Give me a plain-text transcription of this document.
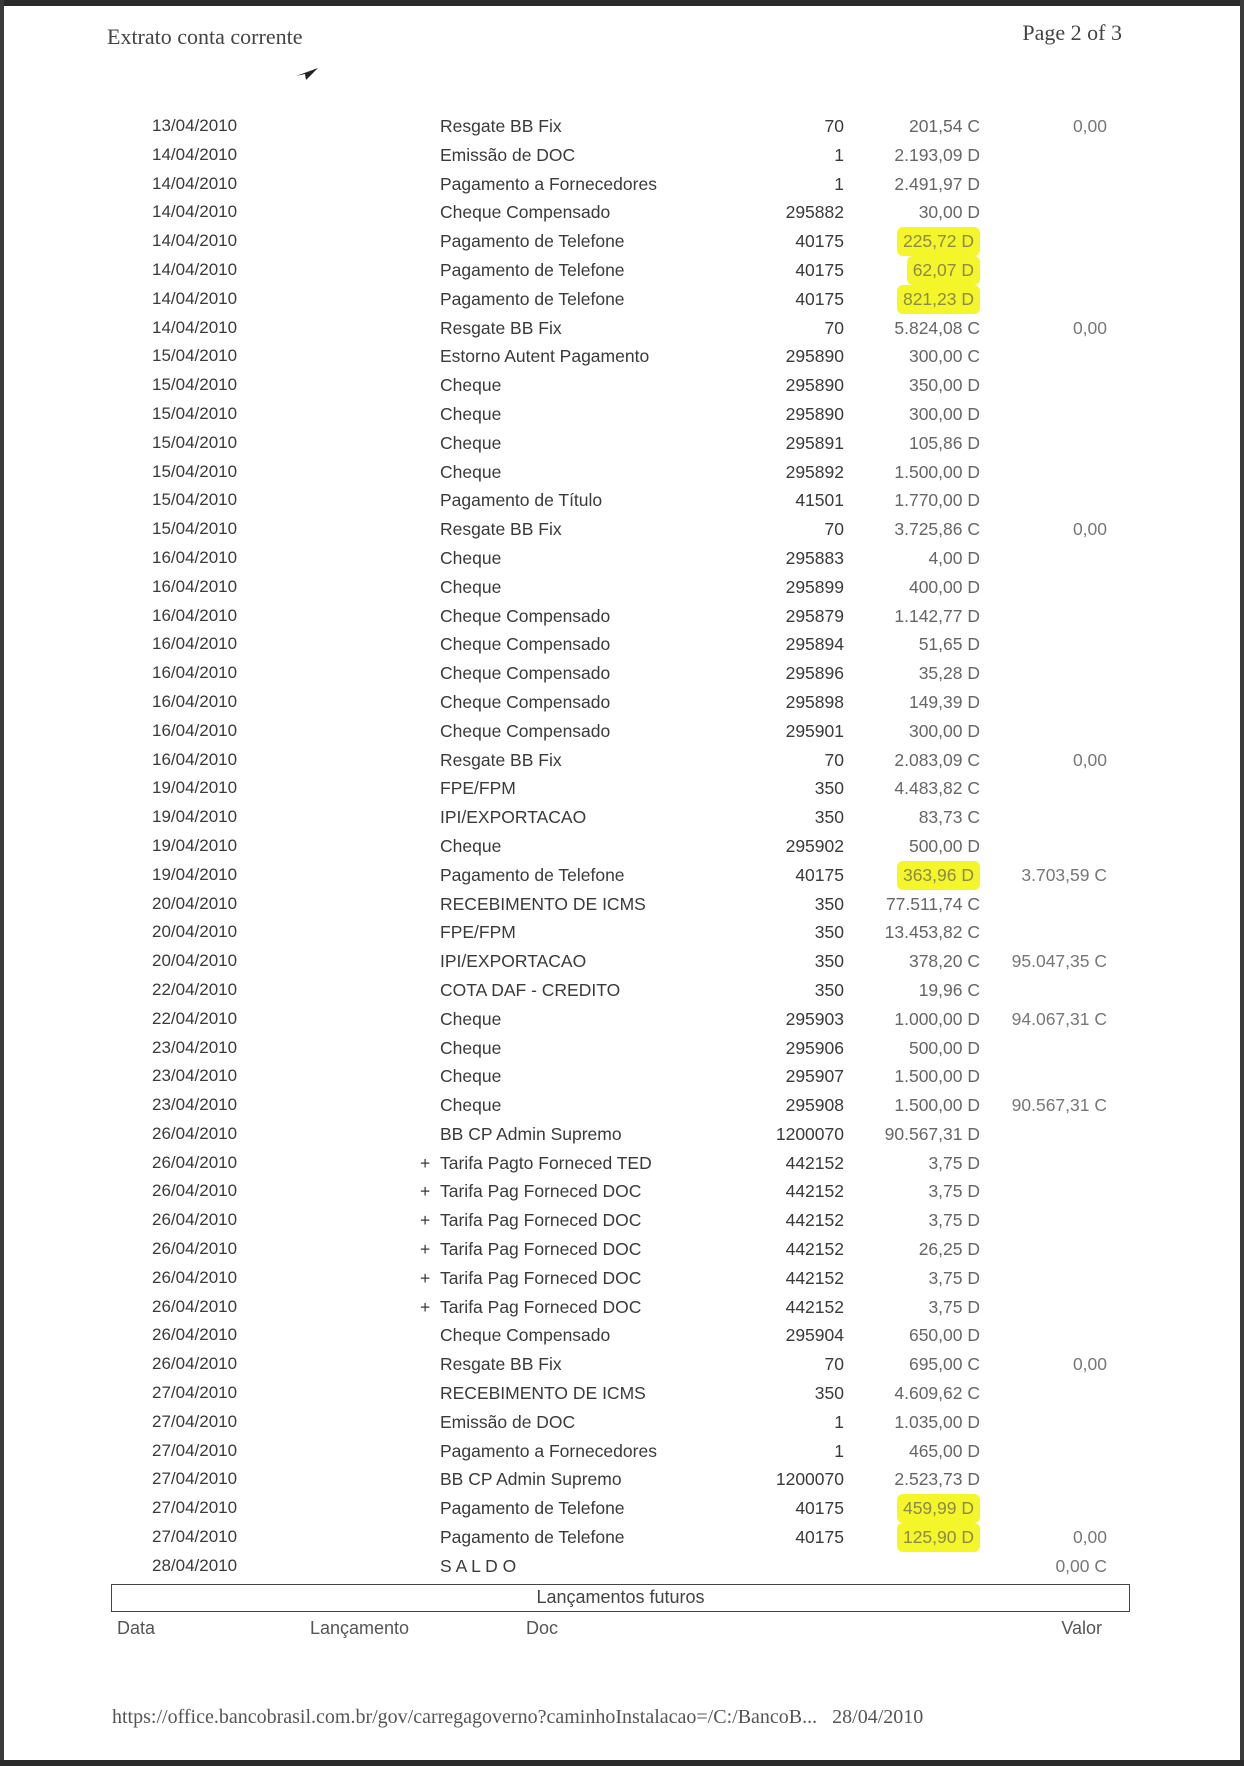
Extrato conta corrente	Page 2 of 3
13/04/2010	Resgate BB Fix	70	201,54 C	0,00
14/04/2010	Emissão de DOC	1	2.193,09 D
14/04/2010	Pagamento a Fornecedores	1	2.491,97 D
14/04/2010	Cheque Compensado	295882	30,00 D
14/04/2010	Pagamento de Telefone	40175	225,72 D
14/04/2010	Pagamento de Telefone	40175	62,07 D
14/04/2010	Pagamento de Telefone	40175	821,23 D
14/04/2010	Resgate BB Fix	70	5.824,08 C	0,00
15/04/2010	Estorno Autent Pagamento	295890	300,00 C
15/04/2010	Cheque	295890	350,00 D
15/04/2010	Cheque	295890	300,00 D
15/04/2010	Cheque	295891	105,86 D
15/04/2010	Cheque	295892	1.500,00 D
15/04/2010	Pagamento de Título	41501	1.770,00 D
15/04/2010	Resgate BB Fix	70	3.725,86 C	0,00
16/04/2010	Cheque	295883	4,00 D
16/04/2010	Cheque	295899	400,00 D
16/04/2010	Cheque Compensado	295879	1.142,77 D
16/04/2010	Cheque Compensado	295894	51,65 D
16/04/2010	Cheque Compensado	295896	35,28 D
16/04/2010	Cheque Compensado	295898	149,39 D
16/04/2010	Cheque Compensado	295901	300,00 D
16/04/2010	Resgate BB Fix	70	2.083,09 C	0,00
19/04/2010	FPE/FPM	350	4.483,82 C
19/04/2010	IPI/EXPORTACAO	350	83,73 C
19/04/2010	Cheque	295902	500,00 D
19/04/2010	Pagamento de Telefone	40175	363,96 D	3.703,59 C
20/04/2010	RECEBIMENTO DE ICMS	350 77.511,74 C
20/04/2010	FPE/FPM	350 13.453,82 C
20/04/2010	IPI/EXPORTACAO	350	378,20 C 95.047,35 C
22/04/2010	COTA DAF - CREDITO	350	19,96 C
22/04/2010	Cheque	295903	1.000,00 D 94.067,31 C
23/04/2010	Cheque	295906	500,00 D
23/04/2010	Cheque	295907	1.500,00 D
23/04/2010	Cheque	295908	1.500,00 D 90.567,31 C
26/04/2010	BB CP Admin Supremo	1200070 90.567,31 D
26/04/2010	+ Tarifa Pagto Forneced TED	442152	3,75 D
26/04/2010	+ Tarifa Pag Forneced DOC	442152	3,75 D
26/04/2010	+ Tarifa Pag Forneced DOC	442152	3,75 D
26/04/2010	+ Tarifa Pag Forneced DOC	442152	26,25 D
26/04/2010	+ Tarifa Pag Forneced DOC	442152	3,75 D
26/04/2010	+ Tarifa Pag Forneced DOC	442152	3,75 D
26/04/2010	Cheque Compensado	295904	650,00 D
26/04/2010	Resgate BB Fix	70	695,00 C	0,00
27/04/2010	RECEBIMENTO DE ICMS	350	4.609,62 C
27/04/2010	Emissão de DOC	1	1.035,00 D
27/04/2010	Pagamento a Fornecedores	1	465,00 D
27/04/2010	BB CP Admin Supremo	1200070	2.523,73 D
27/04/2010	Pagamento de Telefone	40175	459,99 D
27/04/2010	Pagamento de Telefone	40175	125,90 D	0,00
28/04/2010	S A L D O	0,00 C
Lançamentos futuros
Data	Lançamento	Doc	Valor
https://office.bancobrasil.com.br/gov/carregagoverno?caminhoInstalacao=/C:/BancoB... 28/04/2010
